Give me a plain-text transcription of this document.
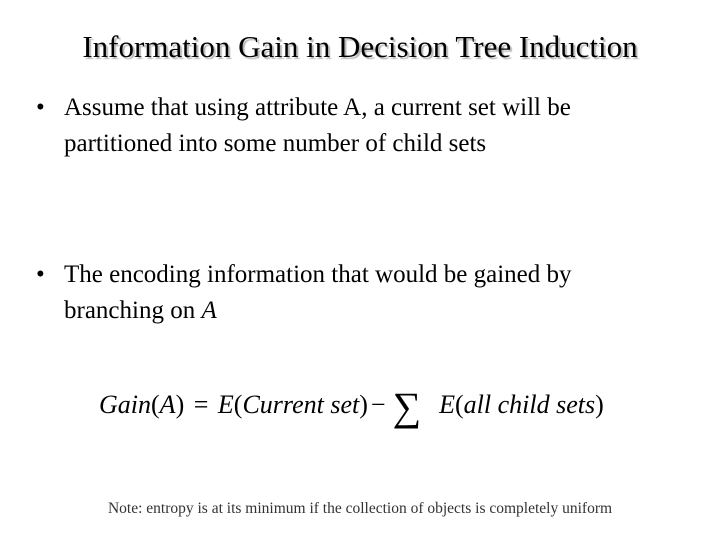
Information Gain in Decision Tree Induction
• Assume that using attribute A, a current set will be
partitioned into some number of child sets
• The encoding information that would be gained by
branching on A
Gain(A) = E(Current set) − ∑ E(all child sets)
Note: entropy is at its minimum if the collection of objects is completely uniform
